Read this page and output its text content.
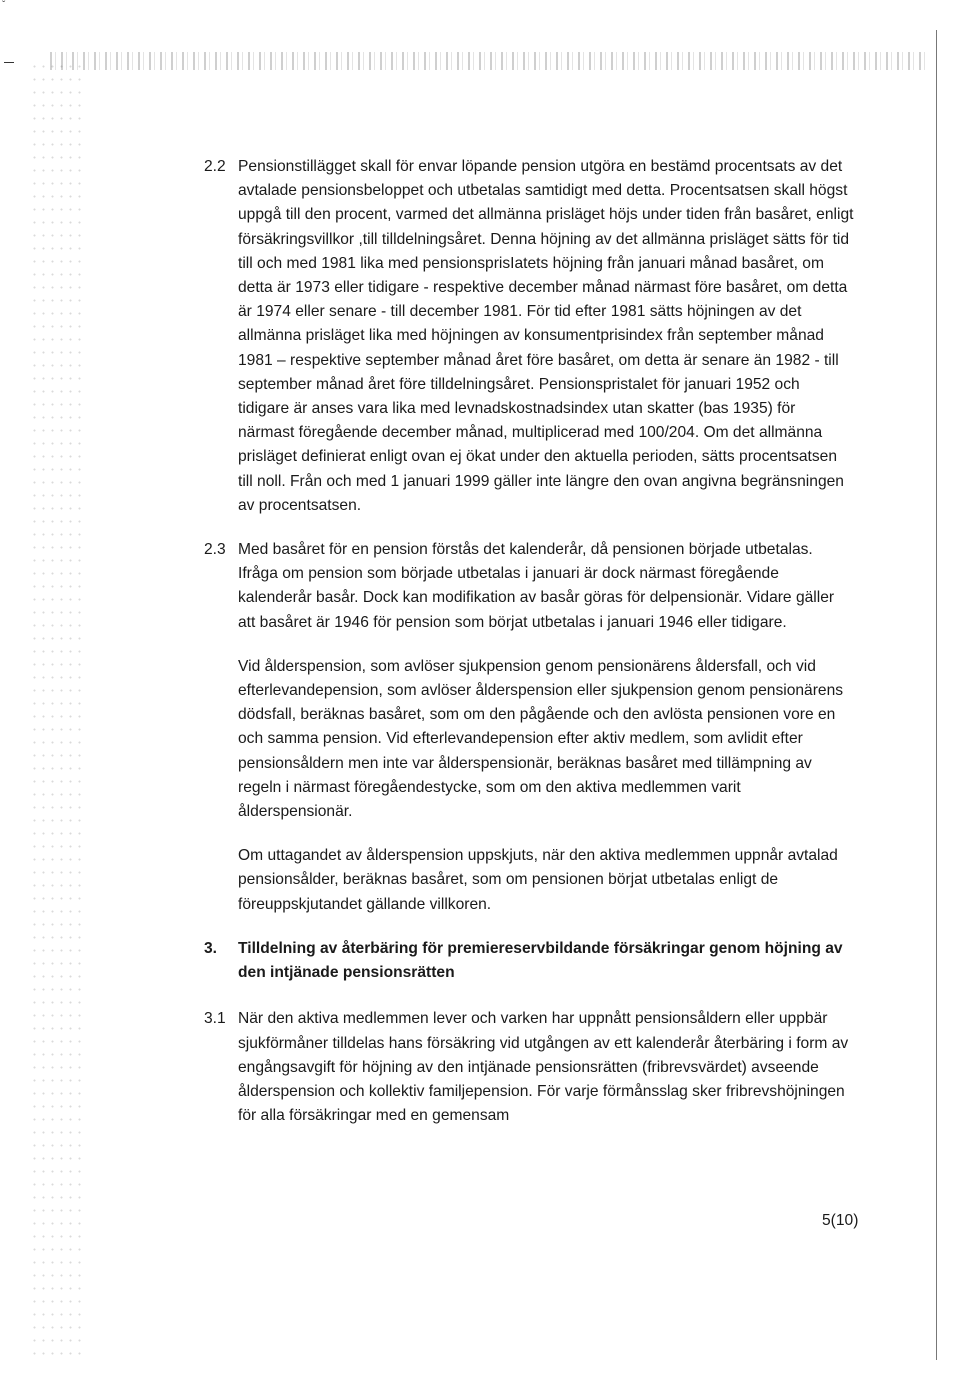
ˇ
2.2 Pensionstillägget skall för envar löpande pension utgöra en bestämd procentsats av det avtalade pensionsbeloppet och utbetalas samtidigt med detta. Procentsatsen skall högst uppgå till den procent, varmed det allmänna prisläget höjs under tiden från basåret, enligt försäkringsvillkor ,till tilldelningsåret. Denna höjning av det allmänna prisläget sätts för tid till och med 1981 lika med pensionsprisIatets höjning från januari månad basåret, om detta är 1973 eller tidigare - respektive december månad närmast före basåret, om detta är 1974 eller senare - till december 1981. För tid efter 1981 sätts höjningen av det allmänna prisläget lika med höjningen av konsumentprisindex från september månad 1981 – respektive september månad året före basåret, om detta är senare än 1982 - till september månad året före tilldelningsåret. Pensionspristalet för januari 1952 och tidigare är anses vara lika med levnadskostnadsindex utan skatter (bas 1935) för närmast föregående december månad, multiplicerad med 100/204. Om det allmänna prisläget definierat enligt ovan ej ökat under den aktuella perioden, sätts procentsatsen till noll. Från och med 1 januari 1999 gäller inte längre den ovan angivna begränsningen av procentsatsen.

2.3 Med basåret för en pension förstås det kalenderår, då pensionen började utbetalas. Ifråga om pension som började utbetalas i januari är dock närmast föregående kalenderår basår. Dock kan modifikation av basår göras för delpensionär. Vidare gäller att basåret är 1946 för pension som börjat utbetalas i januari 1946 eller tidigare.

Vid ålderspension, som avlöser sjukpension genom pensionärens åldersfall, och vid efterlevandepension, som avlöser ålderspension eller sjukpension genom pensionärens dödsfall, beräknas basåret, som om den pågående och den avlösta pensionen vore en och samma pension. Vid efterlevandepension efter aktiv medlem, som avlidit efter pensionsåldern men inte var ålderspensionär, beräknas basåret med tillämpning av regeln i närmast föregåendestycke, som om den aktiva medlemmen varit ålderspensionär.

Om uttagandet av ålderspension uppskjuts, när den aktiva medlemmen uppnår avtalad pensionsålder, beräknas basåret, som om pensionen börjat utbetalas enligt de föreuppskjutandet gällande villkoren.

3. Tilldelning av återbäring för premiereservbildande försäkringar genom höjning av den intjänade pensionsrätten
3.1 När den aktiva medlemmen lever och varken har uppnått pensionsåldern eller uppbär sjukförmåner tilldelas hans försäkring vid utgången av ett kalenderår återbäring i form av engångsavgift för höjning av den intjänade pensionsrätten (fribrevsvärdet) avseende ålderspension och kollektiv familjepension. För varje förmånsslag sker fribrevshöjningen för alla försäkringar med en gemensam

5(10)
